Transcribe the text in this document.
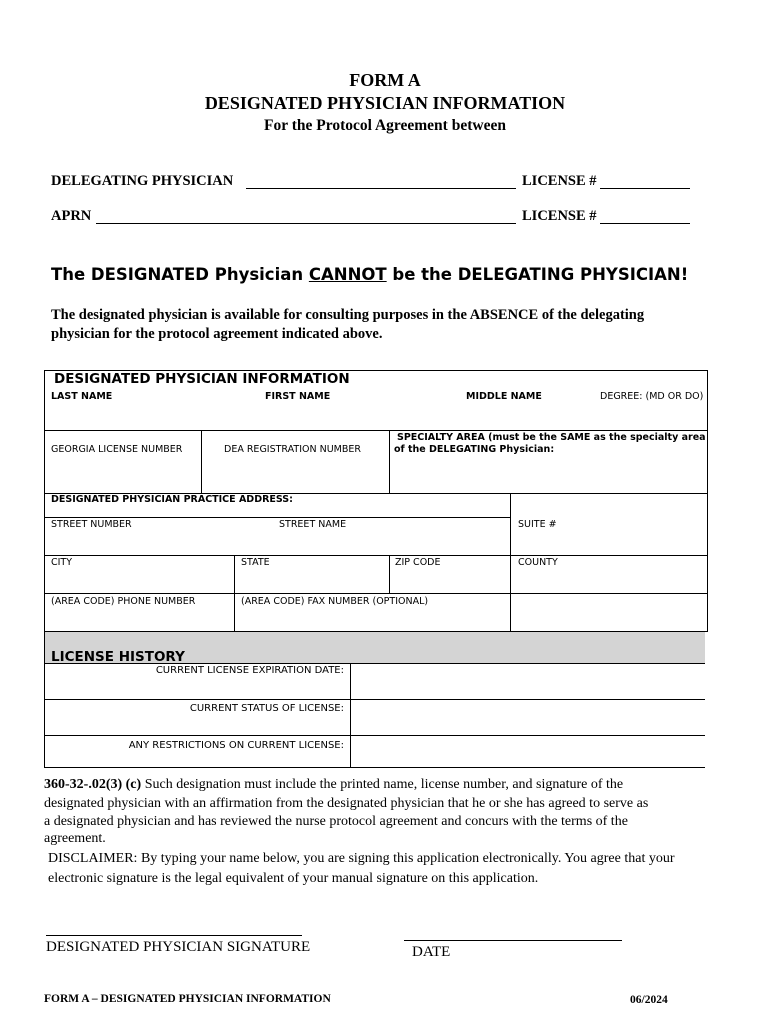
FORM A
DESIGNATED PHYSICIAN INFORMATION
For the Protocol Agreement between
DELEGATING PHYSICIAN	LICENSE #
APRN	LICENSE #
The DESIGNATED Physician CANNOT be the DELEGATING PHYSICIAN!
The designated physician is available for consulting purposes in the ABSENCE of the delegating
physician for the protocol agreement indicated above.
DESIGNATED PHYSICIAN INFORMATION
LAST NAME	FIRST NAME	MIDDLE NAME	DEGREE: (MD OR DO)
GEORGIA LICENSE NUMBER	DEA REGISTRATION NUMBER
SPECIALTY AREA (must be the SAME as the specialty area
of the DELEGATING Physician:
DESIGNATED PHYSICIAN PRACTICE ADDRESS:
STREET NUMBER	STREET NAME	SUITE #
CITY	STATE	ZIP CODE	COUNTY
(AREA CODE) PHONE NUMBER	(AREA CODE) FAX NUMBER (OPTIONAL)
LICENSE HISTORY
CURRENT LICENSE EXPIRATION DATE:
CURRENT STATUS OF LICENSE:
ANY RESTRICTIONS ON CURRENT LICENSE:
360-32-.02(3) (c) Such designation must include the printed name, license number, and signature of the
designated physician with an affirmation from the designated physician that he or she has agreed to serve as
a designated physician and has reviewed the nurse protocol agreement and concurs with the terms of the
agreement.
DISCLAIMER: By typing your name below, you are signing this application electronically. You agree that your
electronic signature is the legal equivalent of your manual signature on this application.
DESIGNATED PHYSICIAN SIGNATURE	DATE
FORM A – DESIGNATED PHYSICIAN INFORMATION	06/2024
